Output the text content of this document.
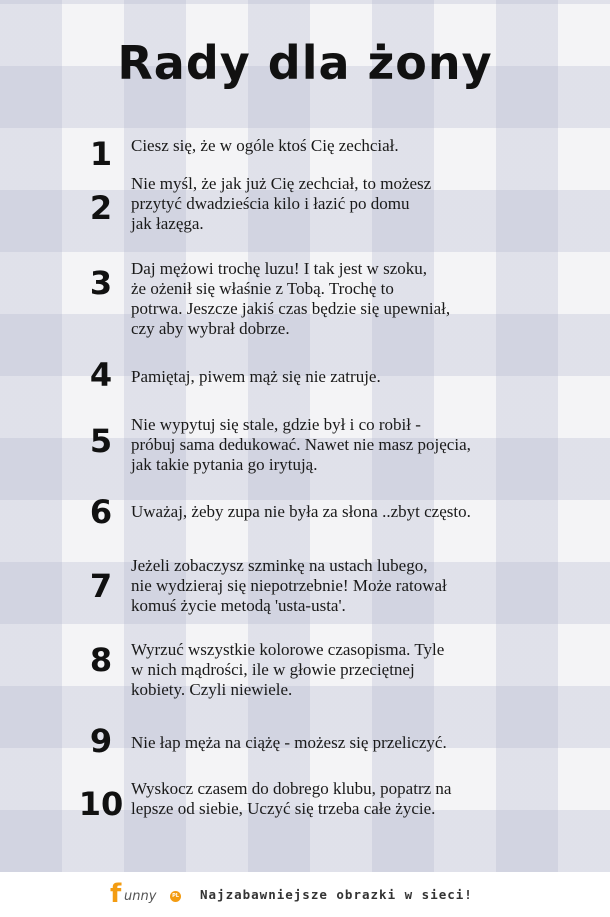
Rady dla żony
1	Ciesz się, że w ogóle ktoś Cię zechciał.
2
Nie myśl, że jak już Cię zechciał, to możesz
przytyć dwadzieścia kilo i łazić po domu
jak łazęga.
3	Daj mężowi trochę luzu! I tak jest w szoku,
że ożenił się właśnie z Tobą. Trochę to
potrwa. Jeszcze jakiś czas będzie się upewniał,
czy aby wybrał dobrze.
4	Pamiętaj, piwem mąż się nie zatruje.
5	Nie wypytuj się stale, gdzie był i co robił -
próbuj sama dedukować. Nawet nie masz pojęcia,
jak takie pytania go irytują.
6	Uważaj, żeby zupa nie była za słona ..zbyt często.
7
Jeżeli zobaczysz szminkę na ustach lubego,
nie wydzieraj się niepotrzebnie! Może ratował
komuś życie metodą 'usta-usta'.
8	Wyrzuć wszystkie kolorowe czasopisma. Tyle
w nich mądrości, ile w głowie przeciętnej
kobiety. Czyli niewiele.
9	Nie łap męża na ciążę - możesz się przeliczyć.
10 Wyskocz czasem do dobrego klubu, popatrz na
lepsze od siebie, Uczyć się trzeba całe życie.
f unny	PL Najzabawniejsze obrazki w sieci!
